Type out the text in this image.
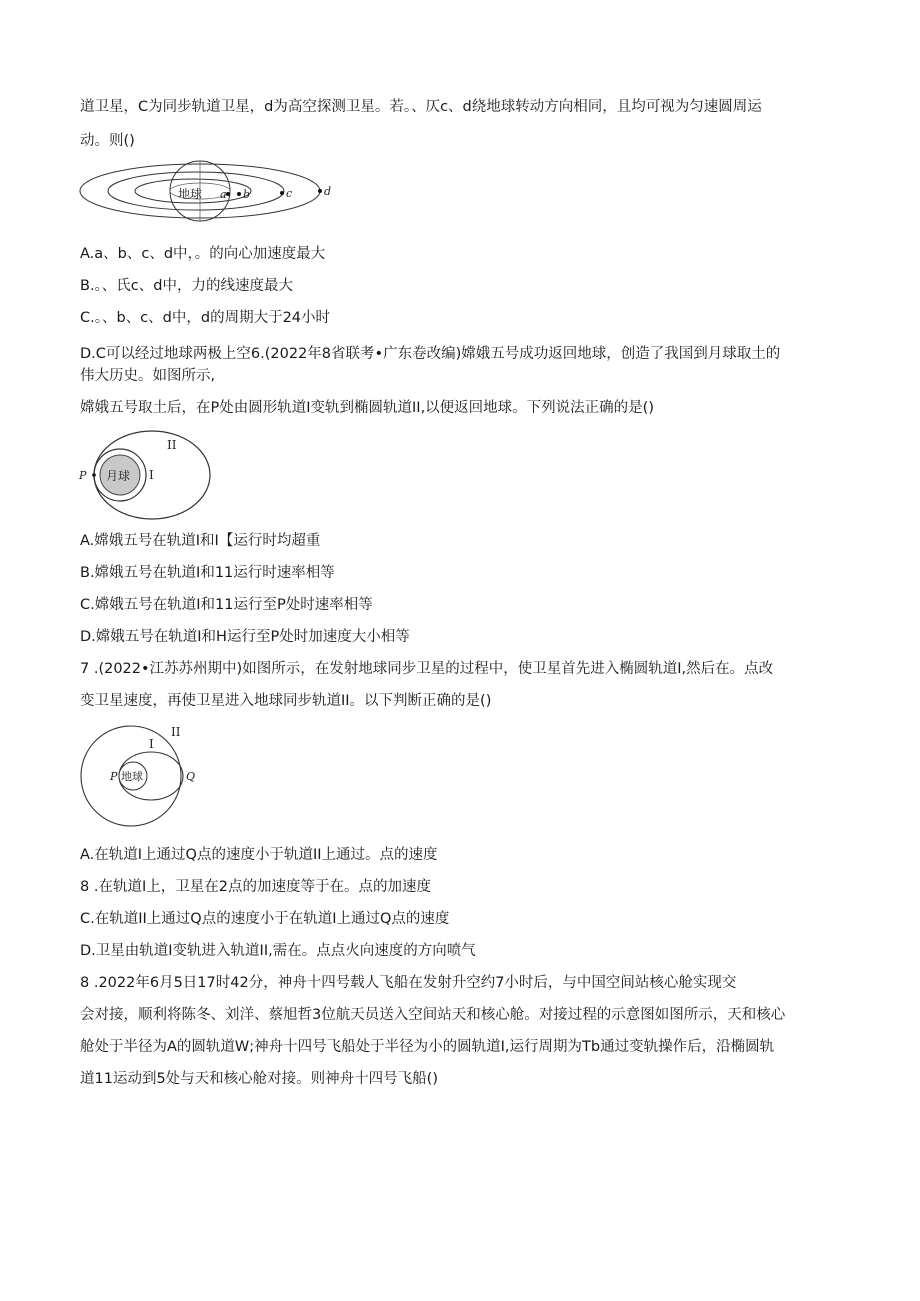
道卫星，C为同步轨道卫星，d为高空探测卫星。若。、仄c、d绕地球转动方向相同，且均可视为匀速圆周运
动。则()
地球 a b	c	d
A.a、b、c、d中，。的向心加速度最大
B.。、氏c、d中，力的线速度最大
C.。、b、c、d中，d的周期大于24小时
D.C可以经过地球两极上空6.(2022年8省联考•广东卷改编)嫦娥五号成功返回地球，创造了我国到月球取土的
伟大历史。如图所示,
嫦娥五号取土后，在P处由圆形轨道I变轨到椭圆轨道II,以便返回地球。下列说法正确的是()
月球
P	I
II
A.嫦娥五号在轨道I和I【运行时均超重
B.嫦娥五号在轨道I和11运行时速率相等
C.嫦娥五号在轨道I和11运行至P处时速率相等
D.嫦娥五号在轨道I和H运行至P处时加速度大小相等
7 .(2022•江苏苏州期中)如图所示，在发射地球同步卫星的过程中，使卫星首先进入椭圆轨道I,然后在。点改
变卫星速度，再使卫星进入地球同步轨道II。以下判断正确的是()
地球
P	Q
I
II
A.在轨道I上通过Q点的速度小于轨道II上通过。点的速度
8 .在轨道I上，卫星在2点的加速度等于在。点的加速度
C.在轨道II上通过Q点的速度小于在轨道I上通过Q点的速度
D.卫星由轨道I变轨进入轨道II,需在。点点火向速度的方向喷气
8 .2022年6月5日17时42分，神舟十四号载人飞船在发射升空约7小时后，与中国空间站核心舱实现交
会对接，顺利将陈冬、刘洋、蔡旭哲3位航天员送入空间站天和核心舱。对接过程的示意图如图所示，天和核心
舱处于半径为A的圆轨道W;神舟十四号飞船处于半径为小的圆轨道I,运行周期为Tb通过变轨操作后，沿椭圆轨
道11运动到5处与天和核心舱对接。则神舟十四号飞船()
